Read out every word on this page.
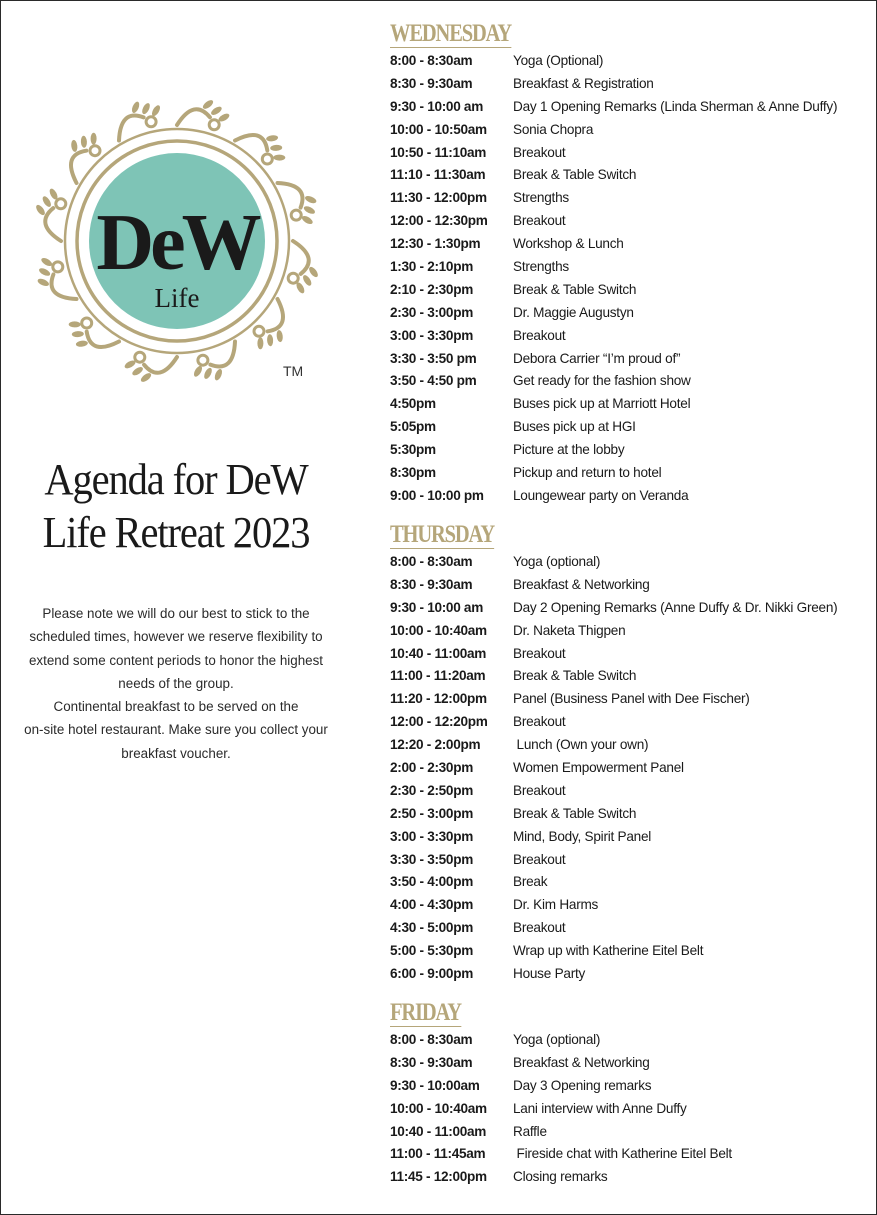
DeW
Life
TM
Agenda for DeW
Life Retreat 2023
Please note we will do our best to stick to the
scheduled times, however we reserve flexibility to
extend some content periods to honor the highest
needs of the group.
Continental breakfast to be served on the
on-site hotel restaurant. Make sure you collect your
breakfast voucher.
WEDNESDAY
8:00 - 8:30am	Yoga (Optional)
8:30 - 9:30am	Breakfast & Registration
9:30 - 10:00 am	Day 1 Opening Remarks (Linda Sherman & Anne Duffy)
10:00 - 10:50am	Sonia Chopra
10:50 - 11:10am	Breakout
11:10 - 11:30am	Break & Table Switch
11:30 - 12:00pm	Strengths
12:00 - 12:30pm	Breakout
12:30 - 1:30pm	Workshop & Lunch
1:30 - 2:10pm	Strengths
2:10 - 2:30pm	Break & Table Switch
2:30 - 3:00pm	Dr. Maggie Augustyn
3:00 - 3:30pm	Breakout
3:30 - 3:50 pm	Debora Carrier “I’m proud of”
3:50 - 4:50 pm	Get ready for the fashion show
4:50pm	Buses pick up at Marriott Hotel
5:05pm	Buses pick up at HGI
5:30pm	Picture at the lobby
8:30pm	Pickup and return to hotel
9:00 - 10:00 pm	Loungewear party on Veranda
THURSDAY
8:00 - 8:30am	Yoga (optional)
8:30 - 9:30am	Breakfast & Networking
9:30 - 10:00 am	Day 2 Opening Remarks (Anne Duffy & Dr. Nikki Green)
10:00 - 10:40am	Dr. Naketa Thigpen
10:40 - 11:00am	Breakout
11:00 - 11:20am	Break & Table Switch
11:20 - 12:00pm	Panel (Business Panel with Dee Fischer)
12:00 - 12:20pm	Breakout
12:20 - 2:00pm	Lunch (Own your own)
2:00 - 2:30pm	Women Empowerment Panel
2:30 - 2:50pm	Breakout
2:50 - 3:00pm	Break & Table Switch
3:00 - 3:30pm	Mind, Body, Spirit Panel
3:30 - 3:50pm	Breakout
3:50 - 4:00pm	Break
4:00 - 4:30pm	Dr. Kim Harms
4:30 - 5:00pm	Breakout
5:00 - 5:30pm	Wrap up with Katherine Eitel Belt
6:00 - 9:00pm	House Party
FRIDAY
8:00 - 8:30am	Yoga (optional)
8:30 - 9:30am	Breakfast & Networking
9:30 - 10:00am	Day 3 Opening remarks
10:00 - 10:40am	Lani interview with Anne Duffy
10:40 - 11:00am	Raffle
11:00 - 11:45am	Fireside chat with Katherine Eitel Belt
11:45 - 12:00pm	Closing remarks
